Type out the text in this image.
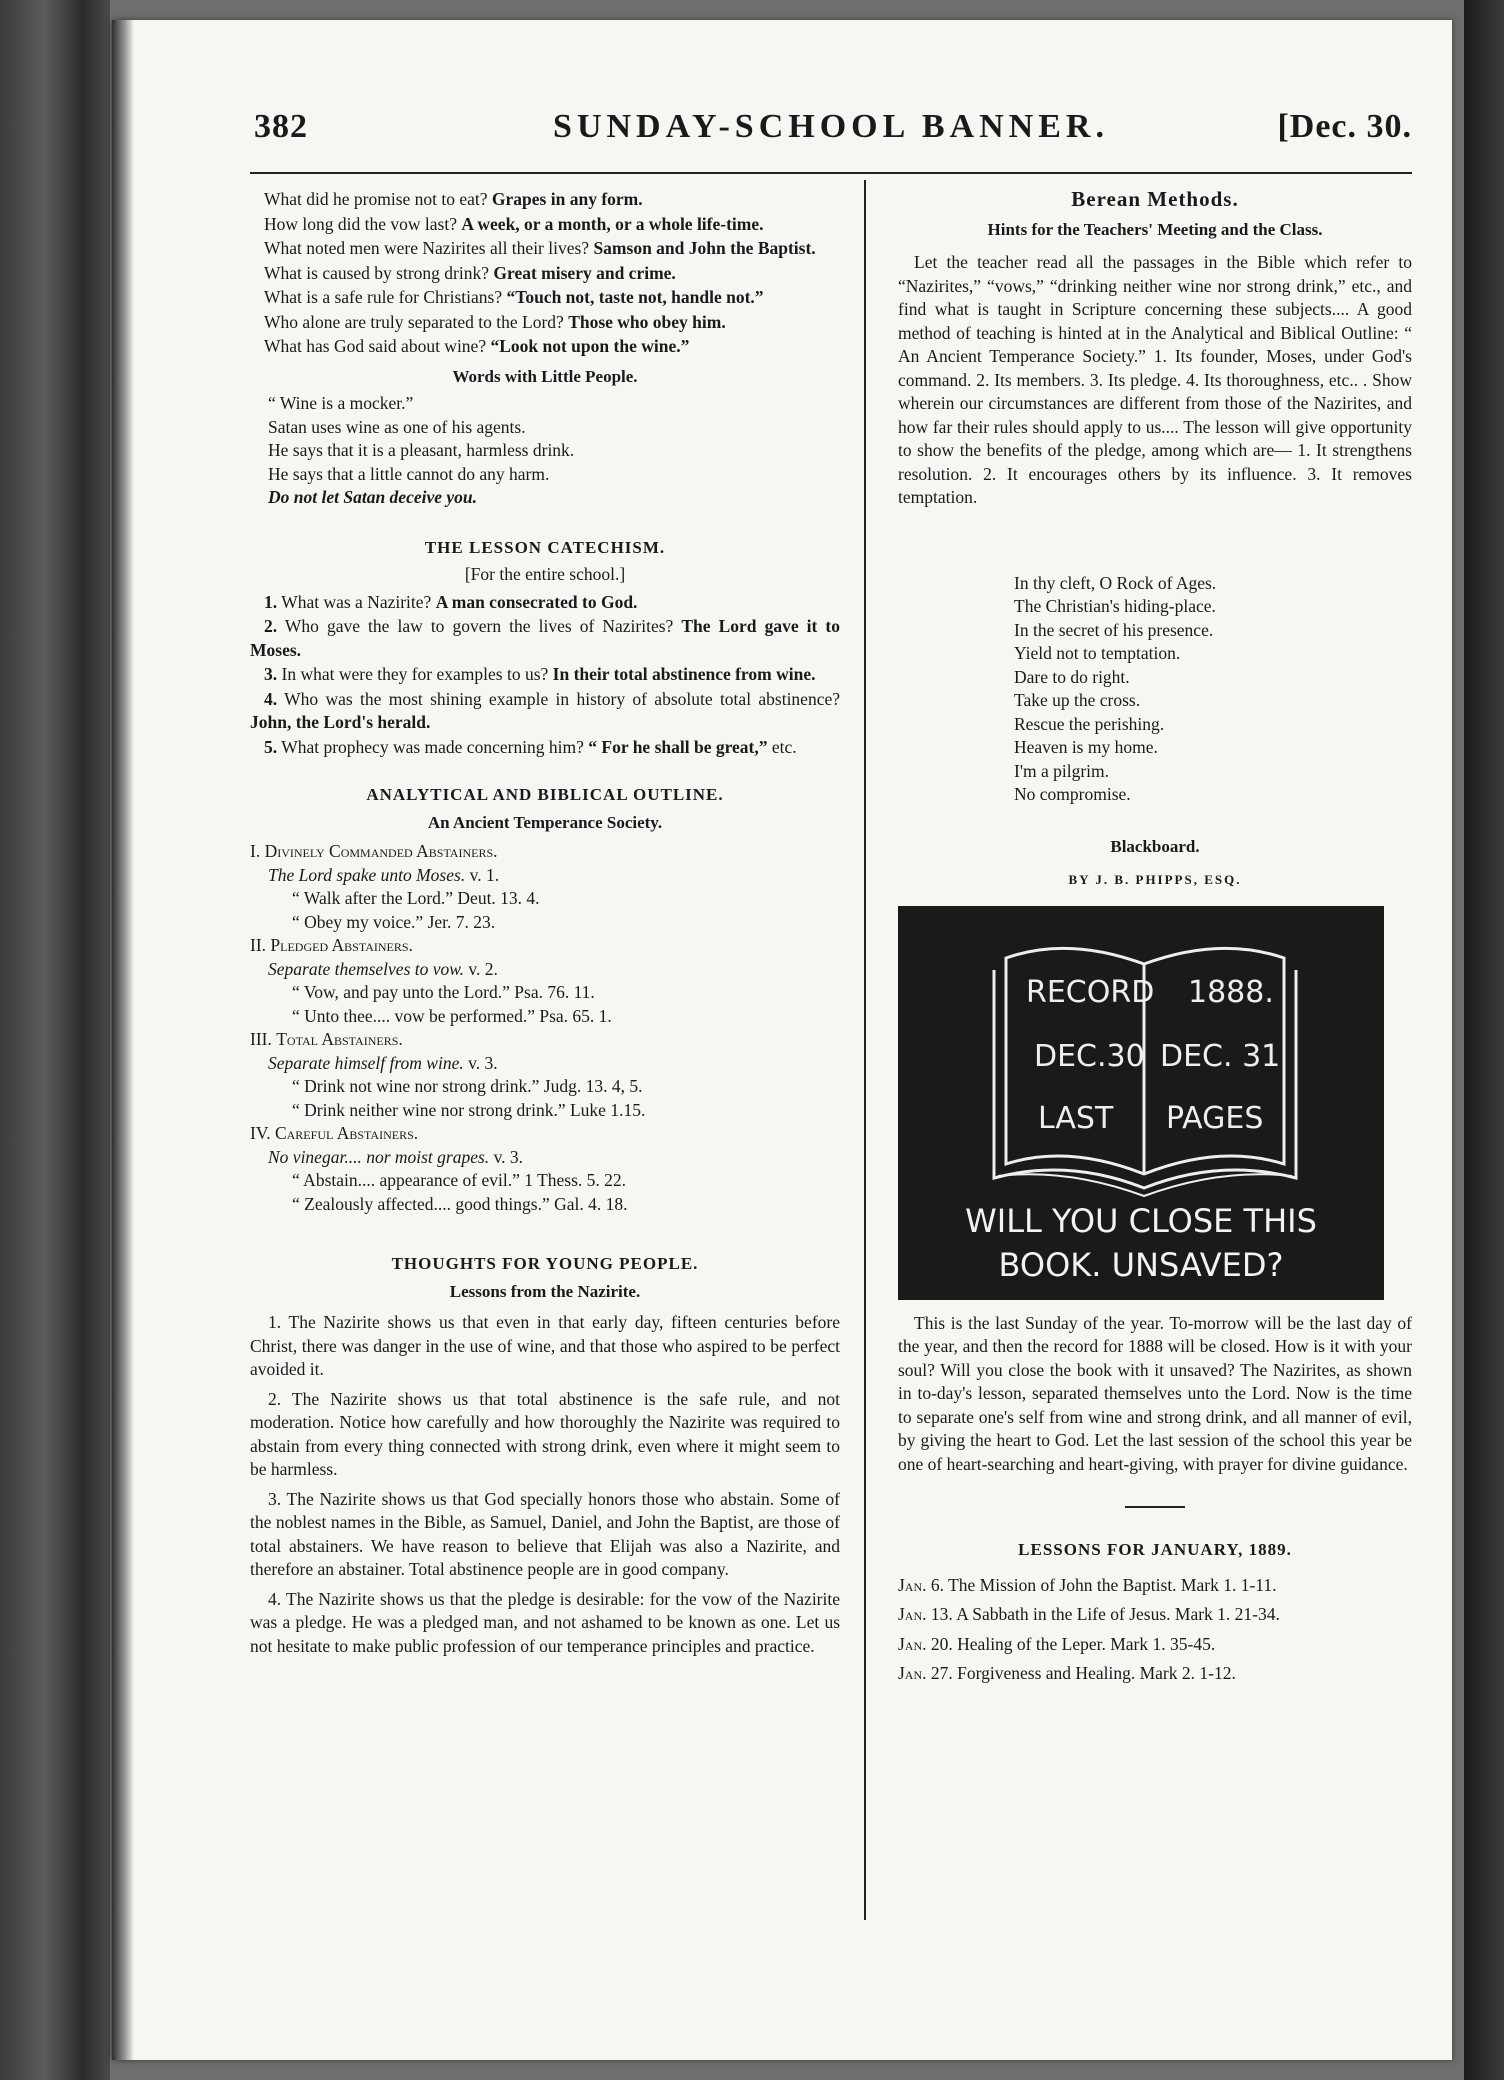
382	SUNDAY-SCHOOL BANNER.	[Dec. 30.

What did he promise not to eat? Grapes in any form.

How long did the vow last? A week, or a month, or a whole life-time.

What noted men were Nazirites all their lives? Samson and John the Baptist.

What is caused by strong drink? Great misery and crime.

What is a safe rule for Christians? “Touch not, taste not, handle not.”

Who alone are truly separated to the Lord? Those who obey him.

What has God said about wine? “Look not upon the wine.”

Words with Little People.

“ Wine is a mocker.”

Satan uses wine as one of his agents.

He says that it is a pleasant, harmless drink.

He says that a little cannot do any harm.

Do not let Satan deceive you.

THE LESSON CATECHISM.

[For the entire school.]

1. What was a Nazirite? A man consecrated to God.

2. Who gave the law to govern the lives of Nazirites? The Lord gave it to Moses.

3. In what were they for examples to us? In their total abstinence from wine.

4. Who was the most shining example in history of absolute total abstinence? John, the Lord's herald.

5. What prophecy was made concerning him? “ For he shall be great,” etc.

ANALYTICAL AND BIBLICAL OUTLINE.

An Ancient Temperance Society.

I. Divinely Commanded Abstainers.

The Lord spake unto Moses. v. 1.

“ Walk after the Lord.” Deut. 13. 4.

“ Obey my voice.” Jer. 7. 23.

II. Pledged Abstainers.

Separate themselves to vow. v. 2.

“ Vow, and pay unto the Lord.” Psa. 76. 11.

“ Unto thee.... vow be performed.” Psa. 65. 1.

III. Total Abstainers.

Separate himself from wine. v. 3.

“ Drink not wine nor strong drink.” Judg. 13. 4, 5.

“ Drink neither wine nor strong drink.” Luke 1.15.

IV. Careful Abstainers.

No vinegar.... nor moist grapes. v. 3.

“ Abstain.... appearance of evil.” 1 Thess. 5. 22.

“ Zealously affected.... good things.” Gal. 4. 18.

THOUGHTS FOR YOUNG PEOPLE.

Lessons from the Nazirite.

1. The Nazirite shows us that even in that early day, fifteen centuries before Christ, there was danger in the use of wine, and that those who aspired to be perfect avoided it.

2. The Nazirite shows us that total abstinence is the safe rule, and not moderation. Notice how carefully and how thoroughly the Nazirite was required to abstain from every thing connected with strong drink, even where it might seem to be harmless.

3. The Nazirite shows us that God specially honors those who abstain. Some of the noblest names in the Bible, as Samuel, Daniel, and John the Baptist, are those of total abstainers. We have reason to believe that Elijah was also a Nazirite, and therefore an abstainer. Total abstinence people are in good company.

4. The Nazirite shows us that the pledge is desirable: for the vow of the Nazirite was a pledge. He was a pledged man, and not ashamed to be known as one. Let us not hesitate to make public profession of our temperance principles and practice.

Berean Methods.

Hints for the Teachers' Meeting and the Class.

Let the teacher read all the passages in the Bible which refer to “Nazirites,” “vows,” “drinking neither wine nor strong drink,” etc., and find what is taught in Scripture concerning these subjects.... A good method of teaching is hinted at in the Analytical and Biblical Outline: “ An Ancient Temperance Society.” 1. Its founder, Moses, under God's command. 2. Its members. 3. Its pledge. 4. Its thoroughness, etc.. . Show wherein our circumstances are different from those of the Nazirites, and how far their rules should apply to us.... The lesson will give opportunity to show the benefits of the pledge, among which are— 1. It strengthens resolution. 2. It encourages others by its influence. 3. It removes temptation.

In thy cleft, O Rock of Ages.

The Christian's hiding-place.

In the secret of his presence.

Yield not to temptation.

Dare to do right.

Take up the cross.

Rescue the perishing.

Heaven is my home.

I'm a pilgrim.

No compromise.

Blackboard.

BY J. B. PHIPPS, ESQ.

RECORD
DEC.30
LAST
1888.
DEC. 31
PAGES
WILL YOU CLOSE THIS
BOOK. UNSAVED?

This is the last Sunday of the year. To-morrow will be the last day of the year, and then the record for 1888 will be closed. How is it with your soul? Will you close the book with it unsaved? The Nazirites, as shown in to-day's lesson, separated themselves unto the Lord. Now is the time to separate one's self from wine and strong drink, and all manner of evil, by giving the heart to God. Let the last session of the school this year be one of heart-searching and heart-giving, with prayer for divine guidance.

LESSONS FOR JANUARY, 1889.

Jan. 6. The Mission of John the Baptist. Mark 1. 1-11.

Jan. 13. A Sabbath in the Life of Jesus. Mark 1. 21-34.

Jan. 20. Healing of the Leper. Mark 1. 35-45.

Jan. 27. Forgiveness and Healing. Mark 2. 1-12.
